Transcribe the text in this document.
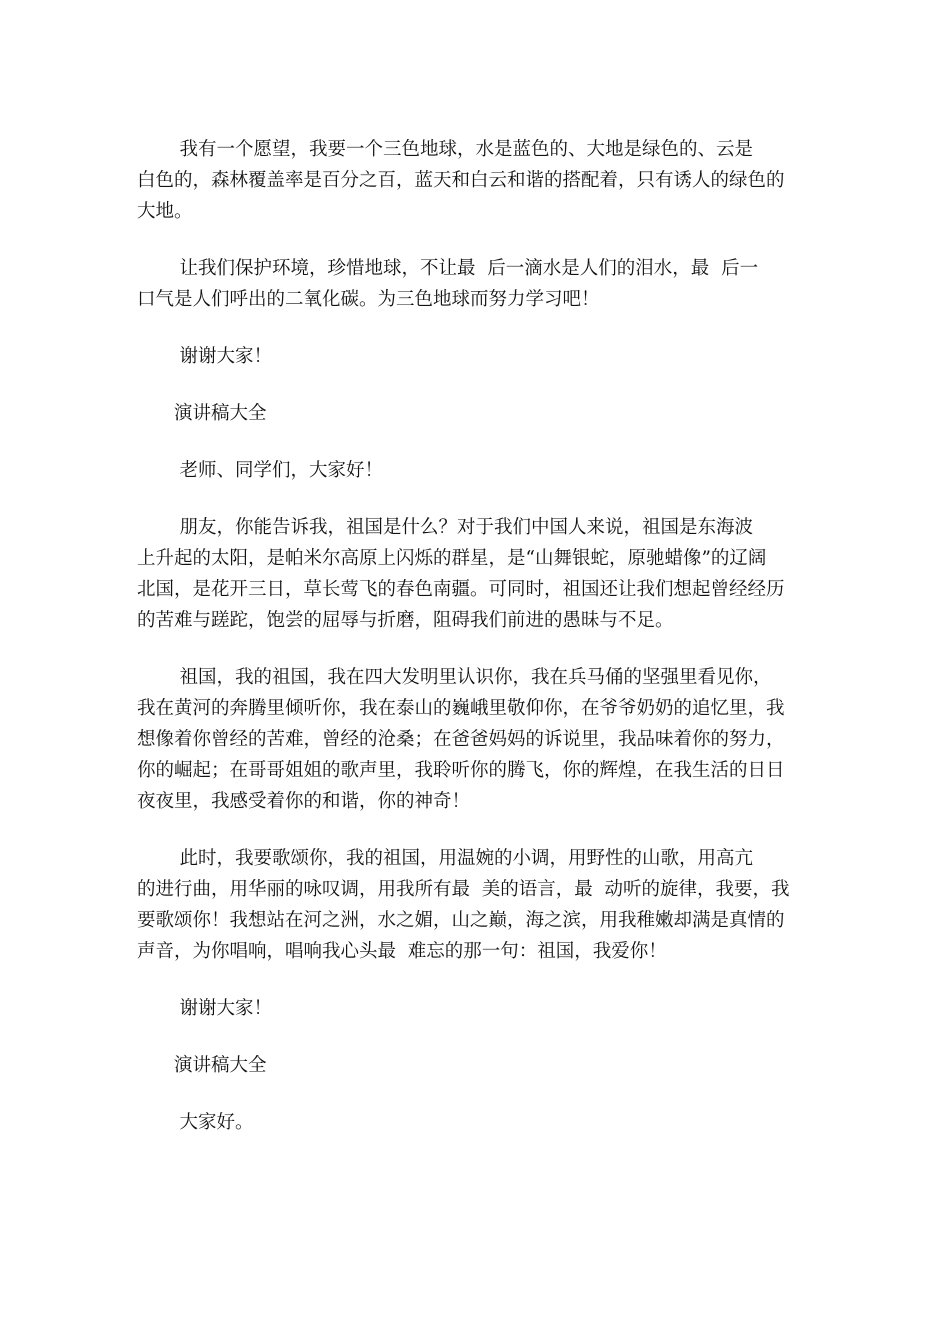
我有一个愿望，我要一个三色地球，水是蓝色的、大地是绿色的、云是
白色的，森林覆盖率是百分之百，蓝天和白云和谐的搭配着，只有诱人的绿色的
大地。

让我们保护环境，珍惜地球，不让最  后一滴水是人们的泪水，最  后一
口气是人们呼出的二氧化碳。为三色地球而努力学习吧！

谢谢大家！

演讲稿大全

老师、同学们，大家好！

朋友，你能告诉我，祖国是什么？对于我们中国人来说，祖国是东海波
上升起的太阳，是帕米尔高原上闪烁的群星，是“山舞银蛇，原驰蜡像”的辽阔
北国，是花开三日，草长莺飞的春色南疆。可同时，祖国还让我们想起曾经经历
的苦难与蹉跎，饱尝的屈辱与折磨，阻碍我们前进的愚昧与不足。

祖国，我的祖国，我在四大发明里认识你，我在兵马俑的坚强里看见你，
我在黄河的奔腾里倾听你，我在泰山的巍峨里敬仰你，在爷爷奶奶的追忆里，我
想像着你曾经的苦难，曾经的沧桑；在爸爸妈妈的诉说里，我品味着你的努力，
你的崛起；在哥哥姐姐的歌声里，我聆听你的腾飞，你的辉煌，在我生活的日日
夜夜里，我感受着你的和谐，你的神奇！

此时，我要歌颂你，我的祖国，用温婉的小调，用野性的山歌，用高亢
的进行曲，用华丽的咏叹调，用我所有最  美的语言，最  动听的旋律，我要，我
要歌颂你！我想站在河之洲，水之媚，山之巅，海之滨，用我稚嫩却满是真情的
声音，为你唱响，唱响我心头最  难忘的那一句：祖国，我爱你！

谢谢大家！

演讲稿大全

大家好。
